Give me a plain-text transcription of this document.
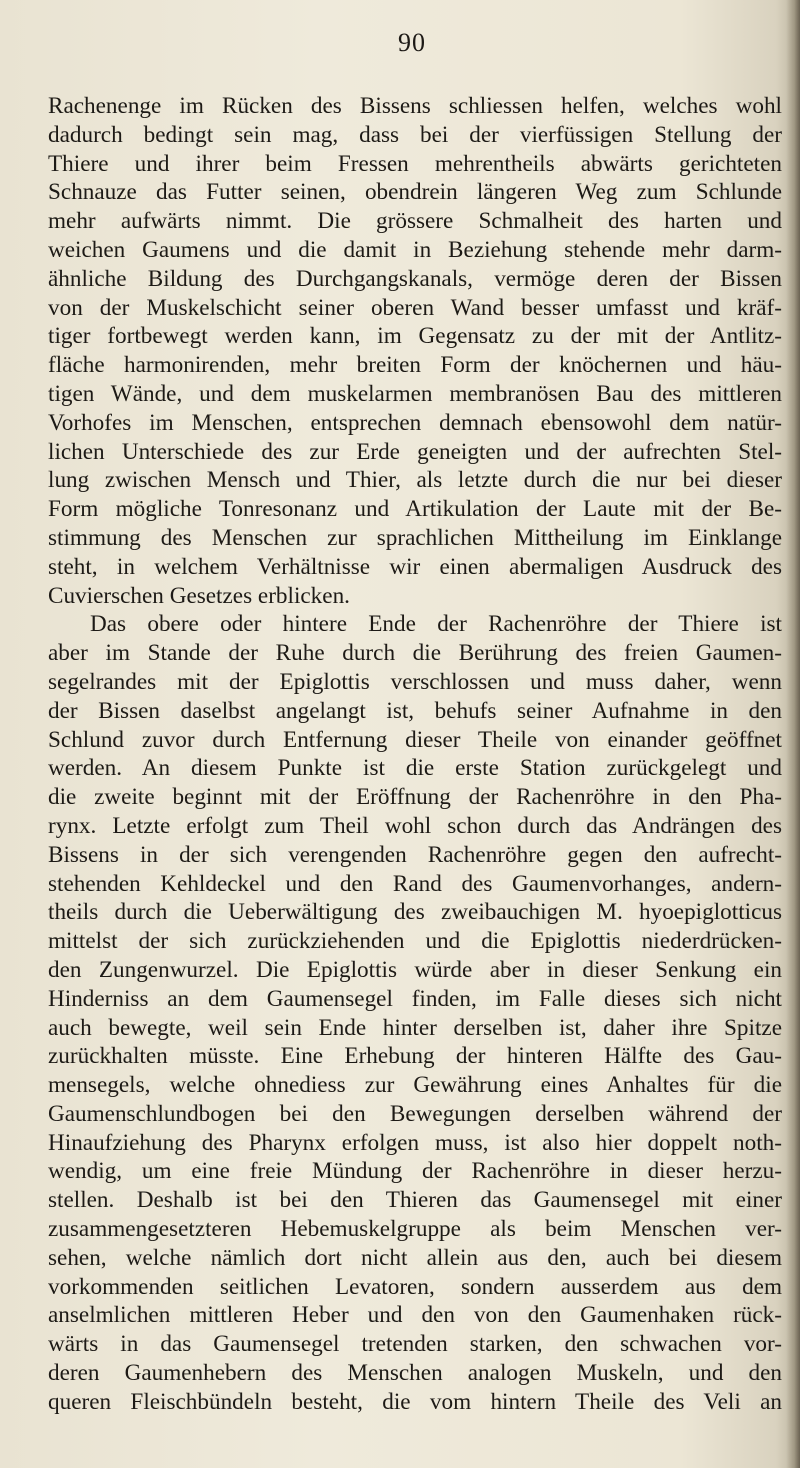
90
Rachenenge im Rücken des Bissens schliessen helfen, welches wohl
dadurch bedingt sein mag, dass bei der vierfüssigen Stellung der
Thiere und ihrer beim Fressen mehrentheils abwärts gerichteten
Schnauze das Futter seinen, obendrein längeren Weg zum Schlunde
mehr aufwärts nimmt. Die grössere Schmalheit des harten und
weichen Gaumens und die damit in Beziehung stehende mehr darm-
ähnliche Bildung des Durchgangskanals, vermöge deren der Bissen
von der Muskelschicht seiner oberen Wand besser umfasst und kräf-
tiger fortbewegt werden kann, im Gegensatz zu der mit der Antlitz-
fläche harmonirenden, mehr breiten Form der knöchernen und häu-
tigen Wände, und dem muskelarmen membranösen Bau des mittleren
Vorhofes im Menschen, entsprechen demnach ebensowohl dem natür-
lichen Unterschiede des zur Erde geneigten und der aufrechten Stel-
lung zwischen Mensch und Thier, als letzte durch die nur bei dieser
Form mögliche Tonresonanz und Artikulation der Laute mit der Be-
stimmung des Menschen zur sprachlichen Mittheilung im Einklange
steht, in welchem Verhältnisse wir einen abermaligen Ausdruck des
Cuvierschen Gesetzes erblicken.
Das obere oder hintere Ende der Rachenröhre der Thiere ist
aber im Stande der Ruhe durch die Berührung des freien Gaumen-
segelrandes mit der Epiglottis verschlossen und muss daher, wenn
der Bissen daselbst angelangt ist, behufs seiner Aufnahme in den
Schlund zuvor durch Entfernung dieser Theile von einander geöffnet
werden. An diesem Punkte ist die erste Station zurückgelegt und
die zweite beginnt mit der Eröffnung der Rachenröhre in den Pha-
rynx. Letzte erfolgt zum Theil wohl schon durch das Andrängen des
Bissens in der sich verengenden Rachenröhre gegen den aufrecht-
stehenden Kehldeckel und den Rand des Gaumenvorhanges, andern-
theils durch die Ueberwältigung des zweibauchigen M. hyoepiglotticus
mittelst der sich zurückziehenden und die Epiglottis niederdrücken-
den Zungenwurzel. Die Epiglottis würde aber in dieser Senkung ein
Hinderniss an dem Gaumensegel finden, im Falle dieses sich nicht
auch bewegte, weil sein Ende hinter derselben ist, daher ihre Spitze
zurückhalten müsste. Eine Erhebung der hinteren Hälfte des Gau-
mensegels, welche ohnediess zur Gewährung eines Anhaltes für die
Gaumenschlundbogen bei den Bewegungen derselben während der
Hinaufziehung des Pharynx erfolgen muss, ist also hier doppelt noth-
wendig, um eine freie Mündung der Rachenröhre in dieser herzu-
stellen. Deshalb ist bei den Thieren das Gaumensegel mit einer
zusammengesetzteren Hebemuskelgruppe als beim Menschen ver-
sehen, welche nämlich dort nicht allein aus den, auch bei diesem
vorkommenden seitlichen Levatoren, sondern ausserdem aus dem
anselmlichen mittleren Heber und den von den Gaumenhaken rück-
wärts in das Gaumensegel tretenden starken, den schwachen vor-
deren Gaumenhebern des Menschen analogen Muskeln, und den
queren Fleischbündeln besteht, die vom hintern Theile des Veli an
